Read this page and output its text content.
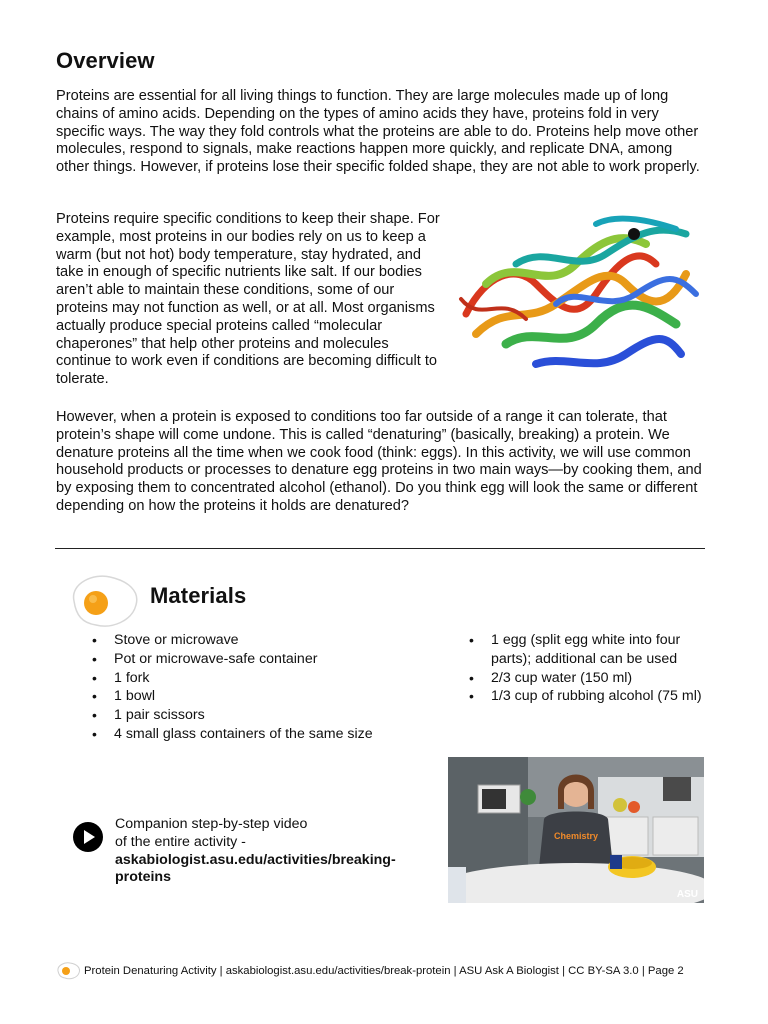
Overview

Proteins are essential for all living things to function. They are large molecules made up of long chains of amino acids. Depending on the types of amino acids they have, proteins fold in very specific ways. The way they fold controls what the proteins are able to do. Proteins help move other molecules, respond to signals, make reactions happen more quickly, and replicate DNA, among other things. However, if proteins lose their specific folded shape, they are not able to work properly.

Proteins require specific conditions to keep their shape. For example, most proteins in our bodies rely on us to keep a warm (but not hot) body temperature, stay hydrated, and take in enough of specific nutrients like salt. If our bodies aren’t able to maintain these conditions, some of our proteins may not function as well, or at all. Most organisms actually produce special proteins called “molecular chaperones” that help other proteins and molecules continue to work even if conditions are becoming difficult to tolerate.

However, when a protein is exposed to conditions too far outside of a range it can tolerate, that protein’s shape will come undone. This is called “denaturing” (basically, breaking) a protein. We denature proteins all the time when we cook food (think: eggs). In this activity, we will use common household products or processes to denature egg proteins in two main ways—by cooking them, and by exposing them to concentrated alcohol (ethanol). Do you think egg will look the same or different depending on how the proteins it holds are denatured?

Materials
• Stove or microwave
• Pot or microwave-safe container
• 1 fork
• 1 bowl
• 1 pair scissors
• 4 small glass containers of the same size
• 1 egg (split egg white into four parts); additional can be used
• 2/3 cup water (150 ml)
• 1/3 cup of rubbing alcohol (75 ml)
Companion step-by-step video
of the entire activity -
askabiologist.asu.edu/activities/breaking-proteins
Chemistry
ASU
Protein Denaturing Activity | askabiologist.asu.edu/activities/break-protein | ASU Ask A Biologist | CC BY-SA 3.0 | Page 2
